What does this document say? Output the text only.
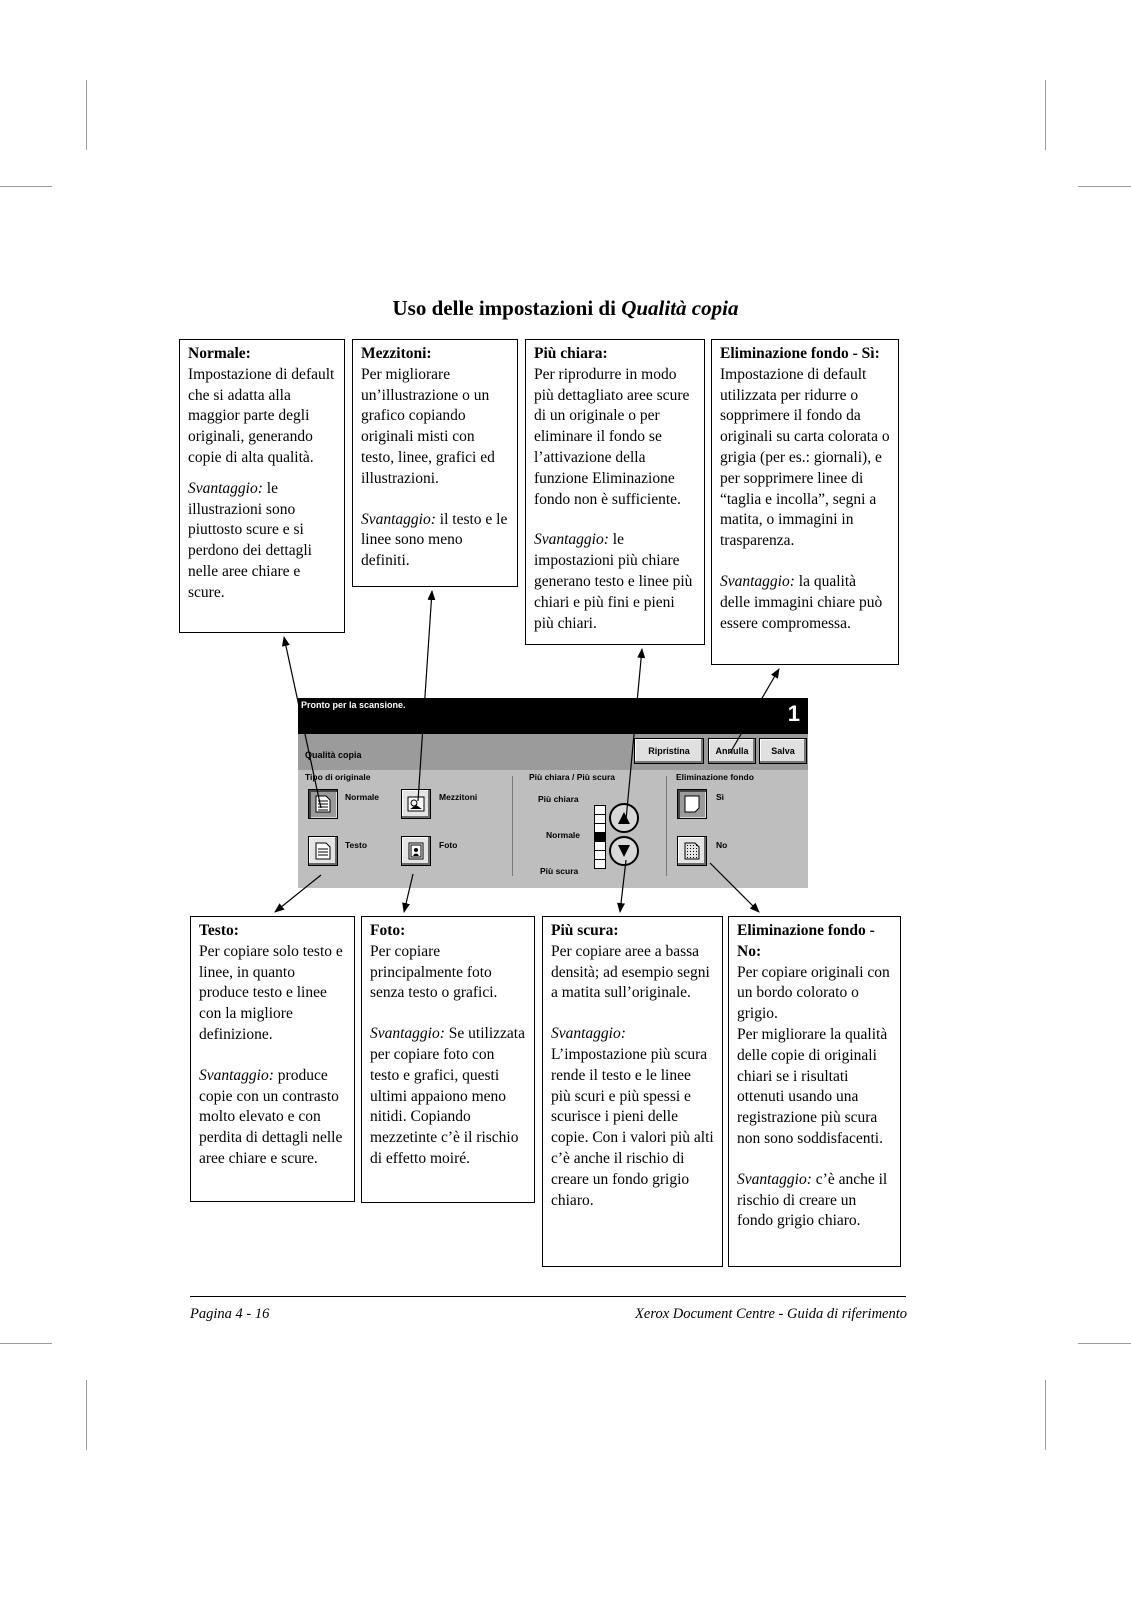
Uso delle impostazioni di Qualità copia

Normale:
Impostazione di default che si adatta alla maggior parte degli originali, generando copie di alta qualità.

Svantaggio: le illustrazioni sono piuttosto scure e si perdono dei dettagli nelle aree chiare e scure.

Mezzitoni:
Per migliorare un’illustrazione o un grafico copiando originali misti con testo, linee, grafici ed illustrazioni.

Svantaggio: il testo e le linee sono meno definiti.

Più chiara:
Per riprodurre in modo più dettagliato aree scure di un originale o per eliminare il fondo se l’attivazione della funzione Eliminazione fondo non è sufficiente.

Svantaggio: le impostazioni più chiare generano testo e linee più chiari e più fini e pieni più chiari.

Eliminazione fondo - Sì:
Impostazione di default utilizzata per ridurre o sopprimere il fondo da originali su carta colorata o grigia (per es.: giornali), e per sopprimere linee di “taglia e incolla”, segni a matita, o immagini in trasparenza.

Svantaggio: la qualità delle immagini chiare può essere compromessa.

Pronto per la scansione.	1
Qualità copia	Ripristina	Annulla	Salva
Tipo di originale	Più chiara / Più scura	Eliminazione fondo
Normale	Mezzitoni
Testo	Foto
Più chiara
Normale
Più scura
Sì
No

Testo:
Per copiare solo testo e linee, in quanto produce testo e linee con la migliore definizione.

Svantaggio: produce copie con un contrasto molto elevato e con perdita di dettagli nelle aree chiare e scure.

Foto:
Per copiare principalmente foto senza testo o grafici.

Svantaggio: Se utilizzata per copiare foto con testo e grafici, questi ultimi appaiono meno nitidi. Copiando mezzetinte c’è il rischio di effetto moiré.

Più scura:
Per copiare aree a bassa densità; ad esempio segni a matita sull’originale.

Svantaggio: L’impostazione più scura rende il testo e le linee più scuri e più spessi e scurisce i pieni delle copie. Con i valori più alti c’è anche il rischio di creare un fondo grigio chiaro.

Eliminazione fondo - No:
Per copiare originali con un bordo colorato o grigio.
Per migliorare la qualità delle copie di originali chiari se i risultati ottenuti usando una registrazione più scura non sono soddisfacenti.

Svantaggio: c’è anche il rischio di creare un fondo grigio chiaro.

Pagina 4 - 16	Xerox Document Centre - Guida di riferimento
